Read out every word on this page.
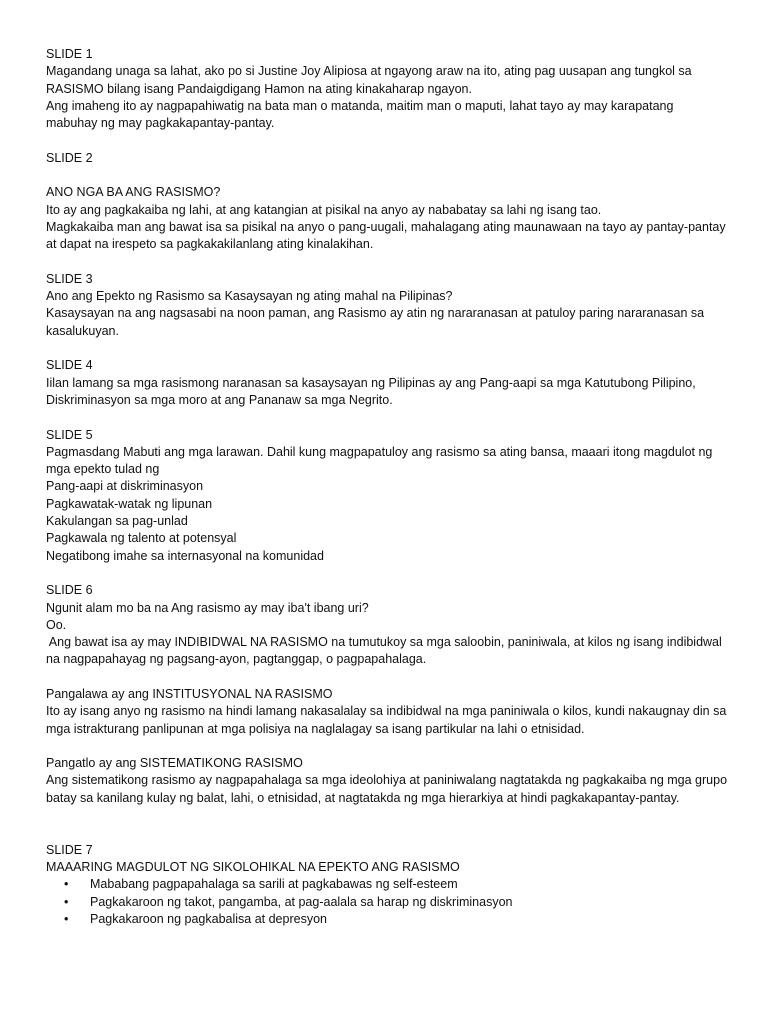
SLIDE 1
Magandang unaga sa lahat, ako po si Justine Joy Alipiosa at ngayong araw na ito, ating pag uusapan ang tungkol sa
RASISMO bilang isang Pandaigdigang Hamon na ating kinakaharap ngayon.
Ang imaheng ito ay nagpapahiwatig na bata man o matanda, maitim man o maputi, lahat tayo ay may karapatang
mabuhay ng may pagkakapantay-pantay.
SLIDE 2
ANO NGA BA ANG RASISMO?
Ito ay ang pagkakaiba ng lahi, at ang katangian at pisikal na anyo ay nababatay sa lahi ng isang tao.
Magkakaiba man ang bawat isa sa pisikal na anyo o pang-uugali, mahalagang ating maunawaan na tayo ay pantay-pantay
at dapat na irespeto sa pagkakakilanlang ating kinalakihan.
SLIDE 3
Ano ang Epekto ng Rasismo sa Kasaysayan ng ating mahal na Pilipinas?
Kasaysayan na ang nagsasabi na noon paman, ang Rasismo ay atin ng nararanasan at patuloy paring nararanasan sa
kasalukuyan.
SLIDE 4
Iilan lamang sa mga rasismong naranasan sa kasaysayan ng Pilipinas ay ang Pang-aapi sa mga Katutubong Pilipino,
Diskriminasyon sa mga moro at ang Pananaw sa mga Negrito.
SLIDE 5
Pagmasdang Mabuti ang mga larawan. Dahil kung magpapatuloy ang rasismo sa ating bansa, maaari itong magdulot ng
mga epekto tulad ng
Pang-aapi at diskriminasyon
Pagkawatak-watak ng lipunan
Kakulangan sa pag-unlad
Pagkawala ng talento at potensyal
Negatibong imahe sa internasyonal na komunidad
SLIDE 6
Ngunit alam mo ba na Ang rasismo ay may iba't ibang uri?
Oo.
Ang bawat isa ay may INDIBIDWAL NA RASISMO na tumutukoy sa mga saloobin, paniniwala, at kilos ng isang indibidwal
na nagpapahayag ng pagsang-ayon, pagtanggap, o pagpapahalaga.
Pangalawa ay ang INSTITUSYONAL NA RASISMO
Ito ay isang anyo ng rasismo na hindi lamang nakasalalay sa indibidwal na mga paniniwala o kilos, kundi nakaugnay din sa
mga istrakturang panlipunan at mga polisiya na naglalagay sa isang partikular na lahi o etnisidad.
Pangatlo ay ang SISTEMATIKONG RASISMO
Ang sistematikong rasismo ay nagpapahalaga sa mga ideolohiya at paniniwalang nagtatakda ng pagkakaiba ng mga grupo
batay sa kanilang kulay ng balat, lahi, o etnisidad, at nagtatakda ng mga hierarkiya at hindi pagkakapantay-pantay.
SLIDE 7
MAAARING MAGDULOT NG SIKOLOHIKAL NA EPEKTO ANG RASISMO
• Mababang pagpapahalaga sa sarili at pagkabawas ng self-esteem
• Pagkakaroon ng takot, pangamba, at pag-aalala sa harap ng diskriminasyon
• Pagkakaroon ng pagkabalisa at depresyon
